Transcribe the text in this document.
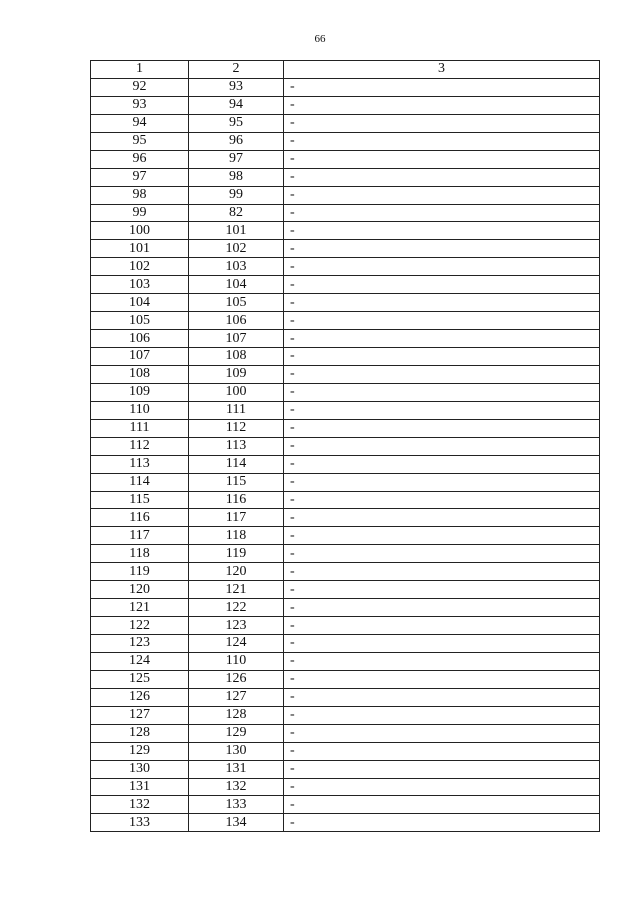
66
1	2	3
92	93	-
93	94	-
94	95	-
95	96	-
96	97	-
97	98	-
98	99	-
99	82	-
100	101	-
101	102	-
102	103	-
103	104	-
104	105	-
105	106	-
106	107	-
107	108	-
108	109	-
109	100	-
110	111	-
111	112	-
112	113	-
113	114	-
114	115	-
115	116	-
116	117	-
117	118	-
118	119	-
119	120	-
120	121	-
121	122	-
122	123	-
123	124	-
124	110	-
125	126	-
126	127	-
127	128	-
128	129	-
129	130	-
130	131	-
131	132	-
132	133	-
133	134	-
